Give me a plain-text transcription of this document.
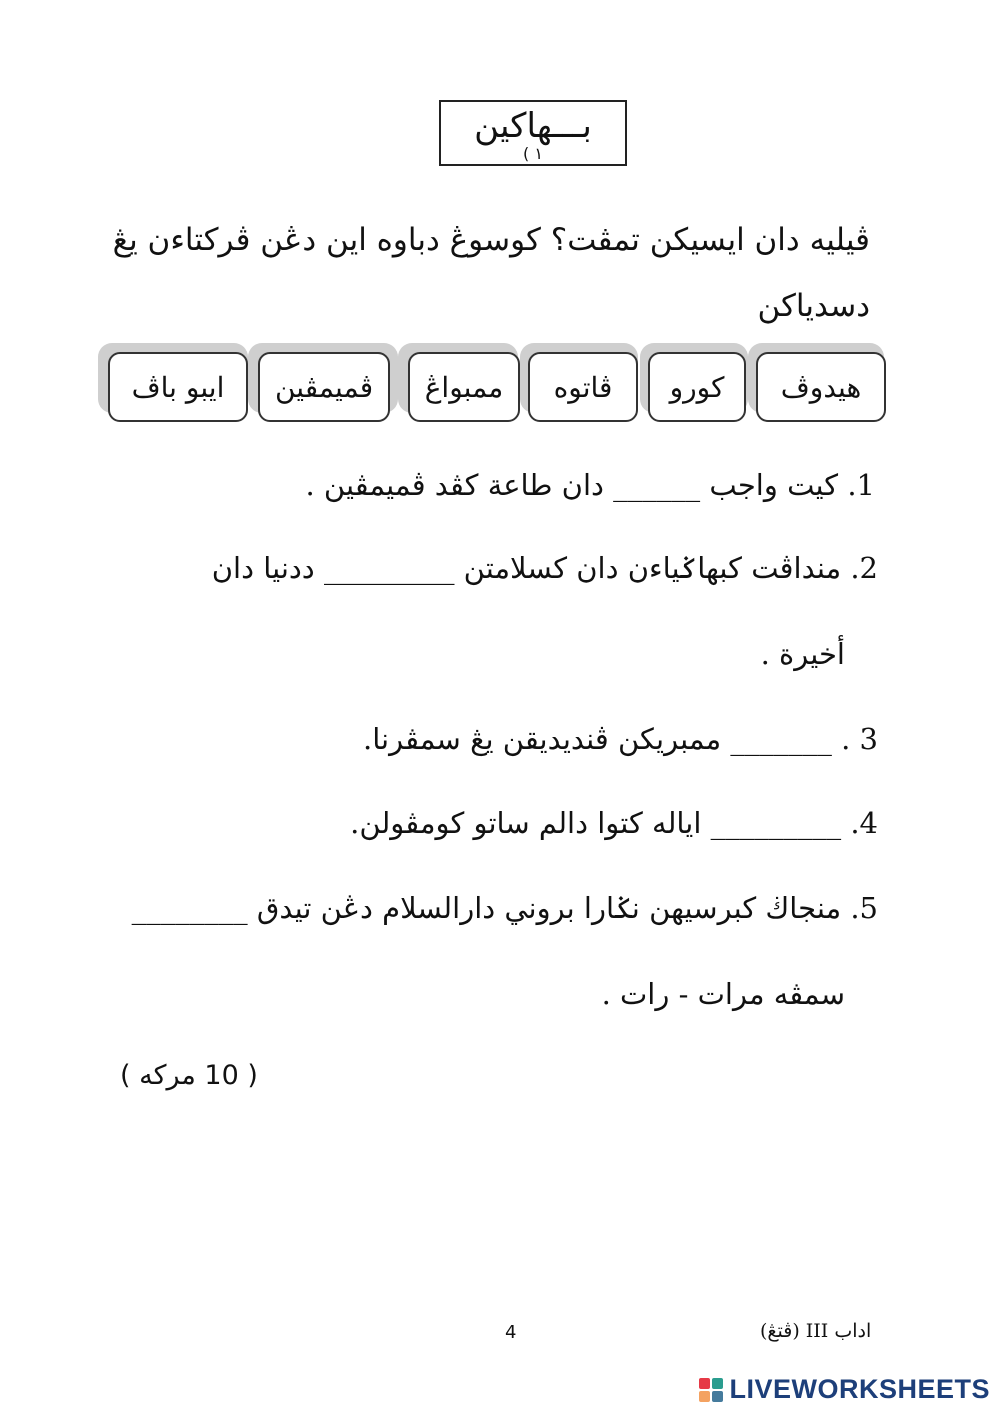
بـــهاكين
( ١
ڤيليه دان ايسيکن تمڤت؟ كوسوڠ دباوه اين دڠن ڤرکتاءن يڠ
دسدياکن
ايبو باڤ	ڤميمڤين	ممبواڠ	ڤاتوه	کورو	هيدوڤ
1. كيت واجب ______ دان طاعة كڤد ڤميمڤين .
2. منداڤت كبهاݢياءن دان كسلامتن _________ ددنيا دان
أخيرة .
3 . _______ ممبريكن ڤنديديقن يڠ سمڤرنا.
4. _________ اياله كتوا دالم ساتو كومڤولن.
5. منجاڬ كبرسيهن نݢارا بروني دارالسلام دڠن تيدق ________
سمڤه مرات - رات .
( 10 مركه )
4	اداب III (ڤتڠ)
LIVEWORKSHEETS
